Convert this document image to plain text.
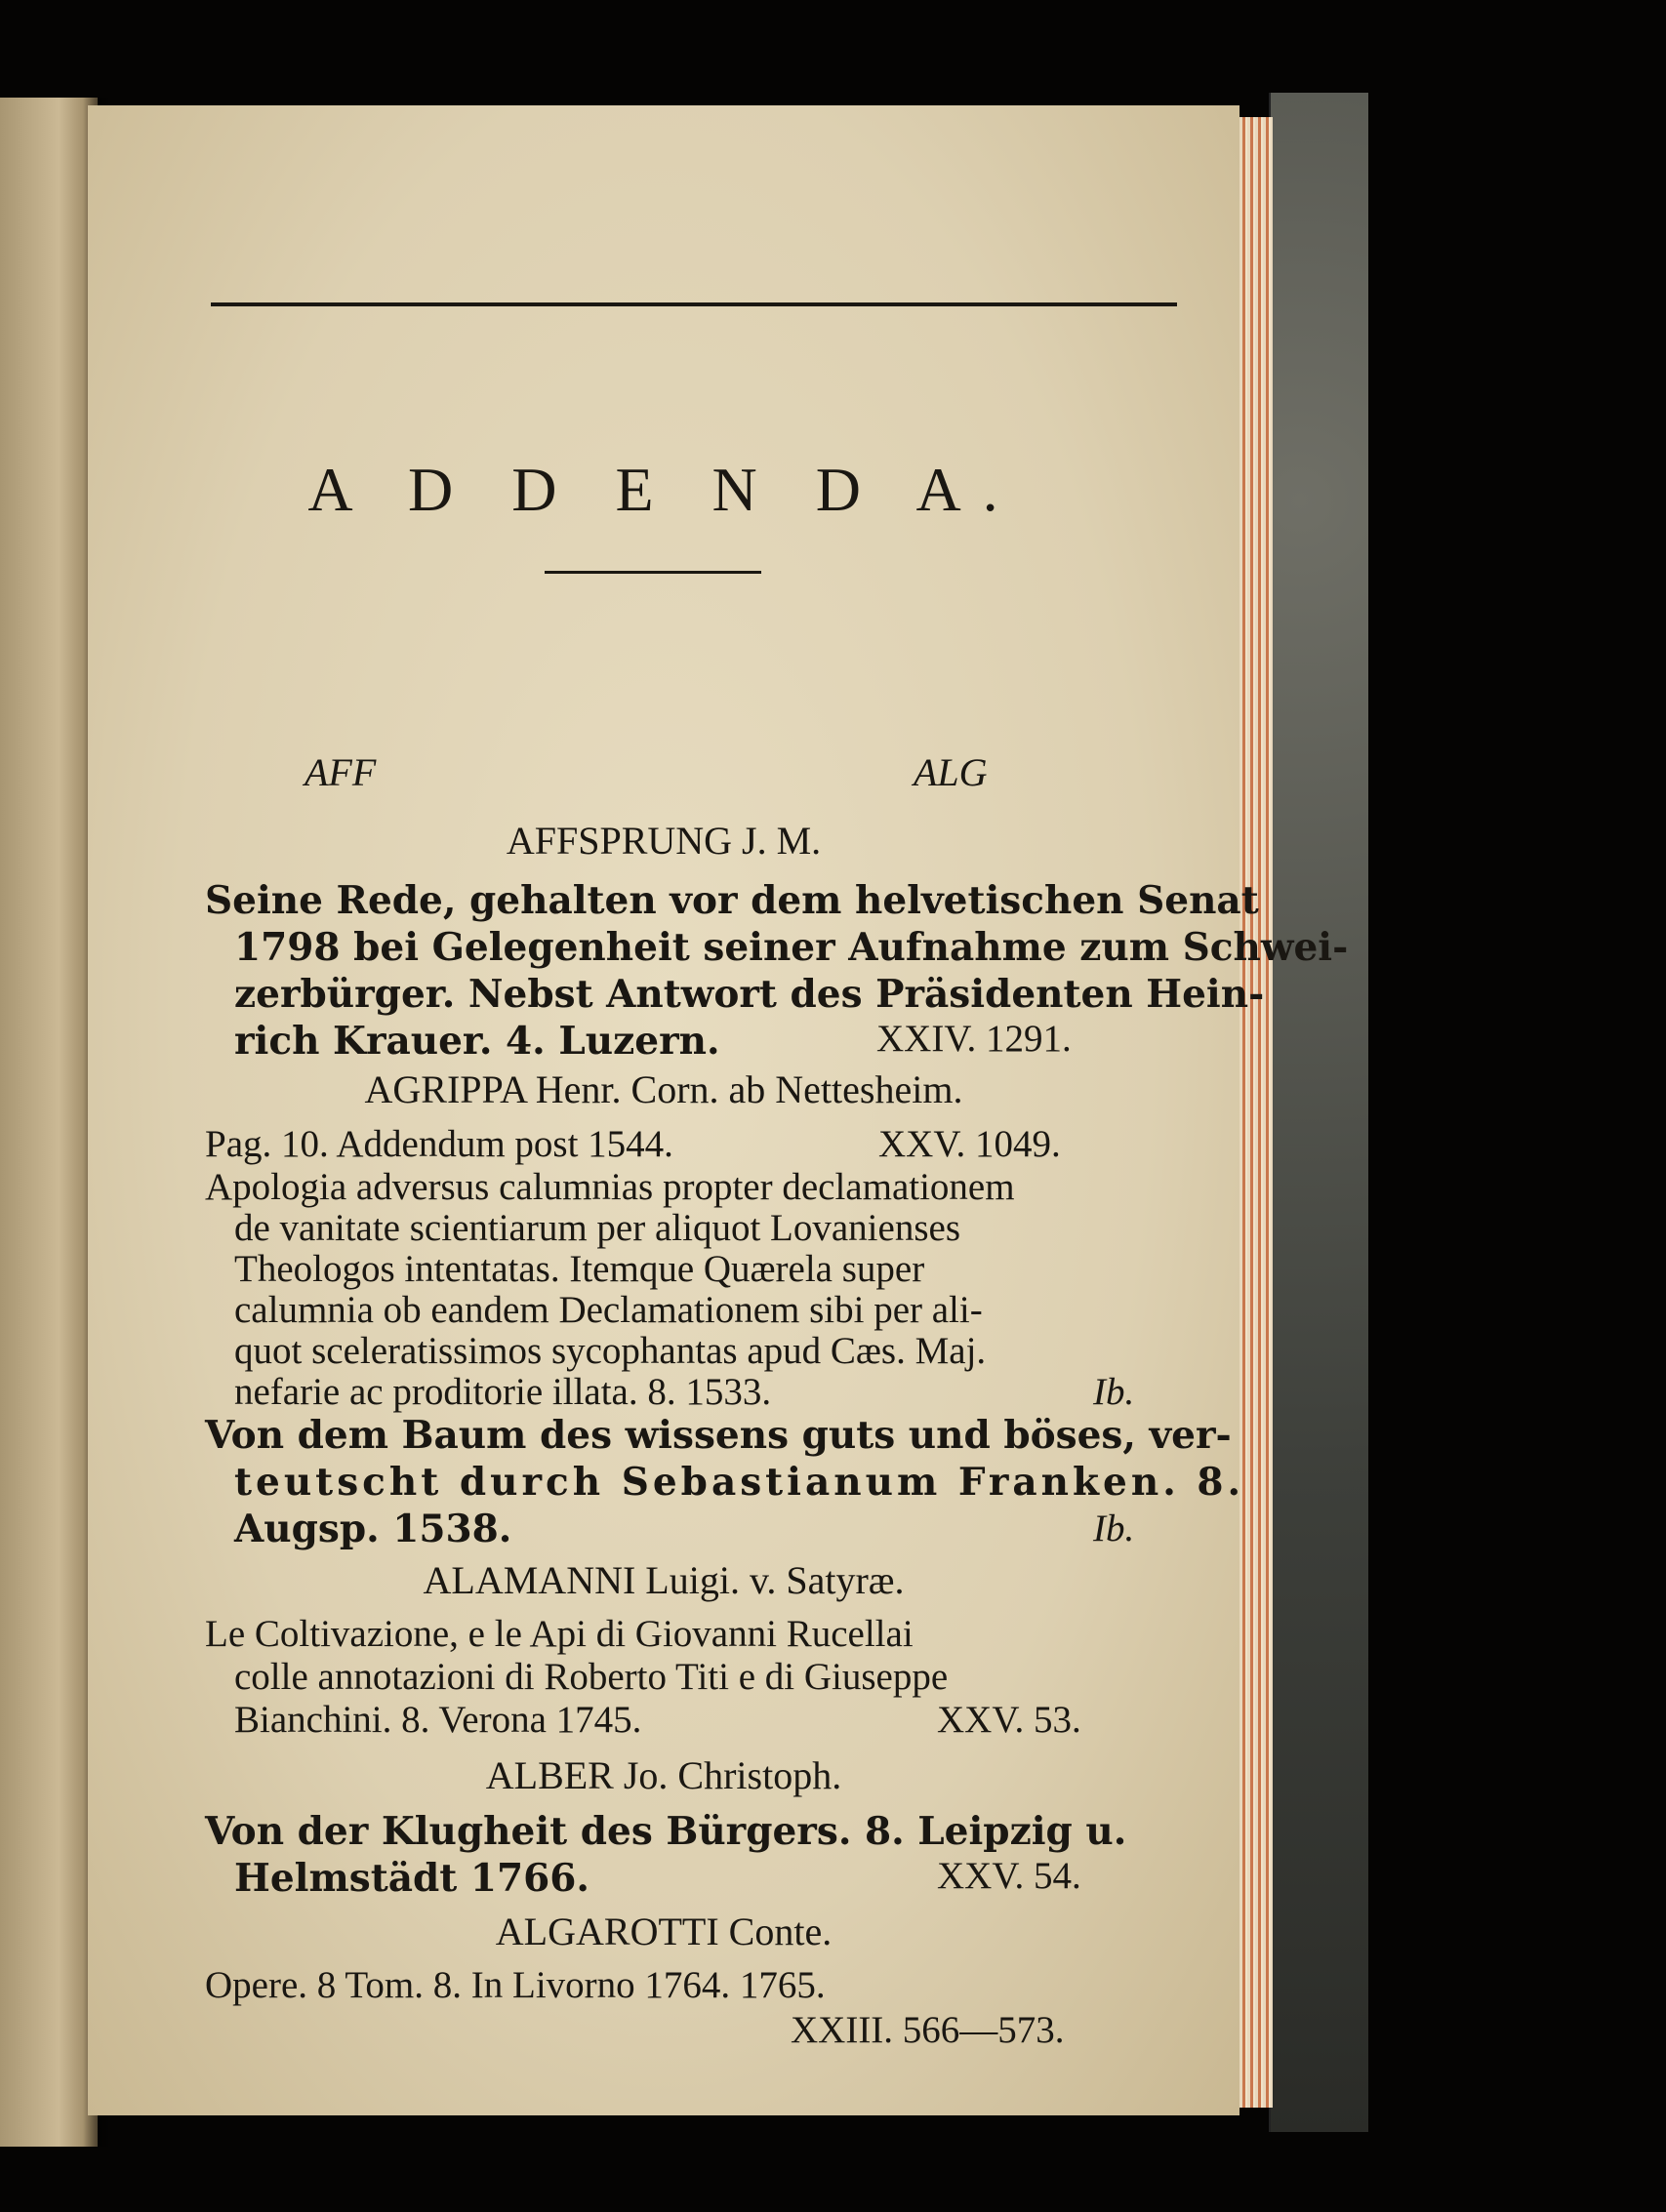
A D D E N D A.
AFF	ALG
AFFSPRUNG J. M.
Seine Rede, gehalten vor dem helvetischen Senat
1798 bei Gelegenheit seiner Aufnahme zum Schwei-
zerbürger. Nebst Antwort des Präsidenten Hein-
rich Krauer. 4. Luzern.	XXIV. 1291.
AGRIPPA Henr. Corn. ab Nettesheim.
Pag. 10. Addendum post 1544.	XXV. 1049.
Apologia adversus calumnias propter declamationem
de vanitate scientiarum per aliquot Lovanienses
Theologos intentatas. Itemque Quærela super
calumnia ob eandem Declamationem sibi per ali-
quot sceleratissimos sycophantas apud Cæs. Maj.
nefarie ac proditorie illata. 8. 1533.	Ib.
Von dem Baum des wissens guts und böses, ver-
teutscht durch Sebastianum Franken. 8.
Augsp. 1538.	Ib.
ALAMANNI Luigi. v. Satyræ.
Le Coltivazione, e le Api di Giovanni Rucellai
colle annotazioni di Roberto Titi e di Giuseppe
Bianchini. 8. Verona 1745.	XXV. 53.
ALBER Jo. Christoph.
Von der Klugheit des Bürgers. 8. Leipzig u.
Helmstädt 1766.	XXV. 54.
ALGAROTTI Conte.
Opere. 8 Tom. 8. In Livorno 1764. 1765.
XXIII. 566—573.
